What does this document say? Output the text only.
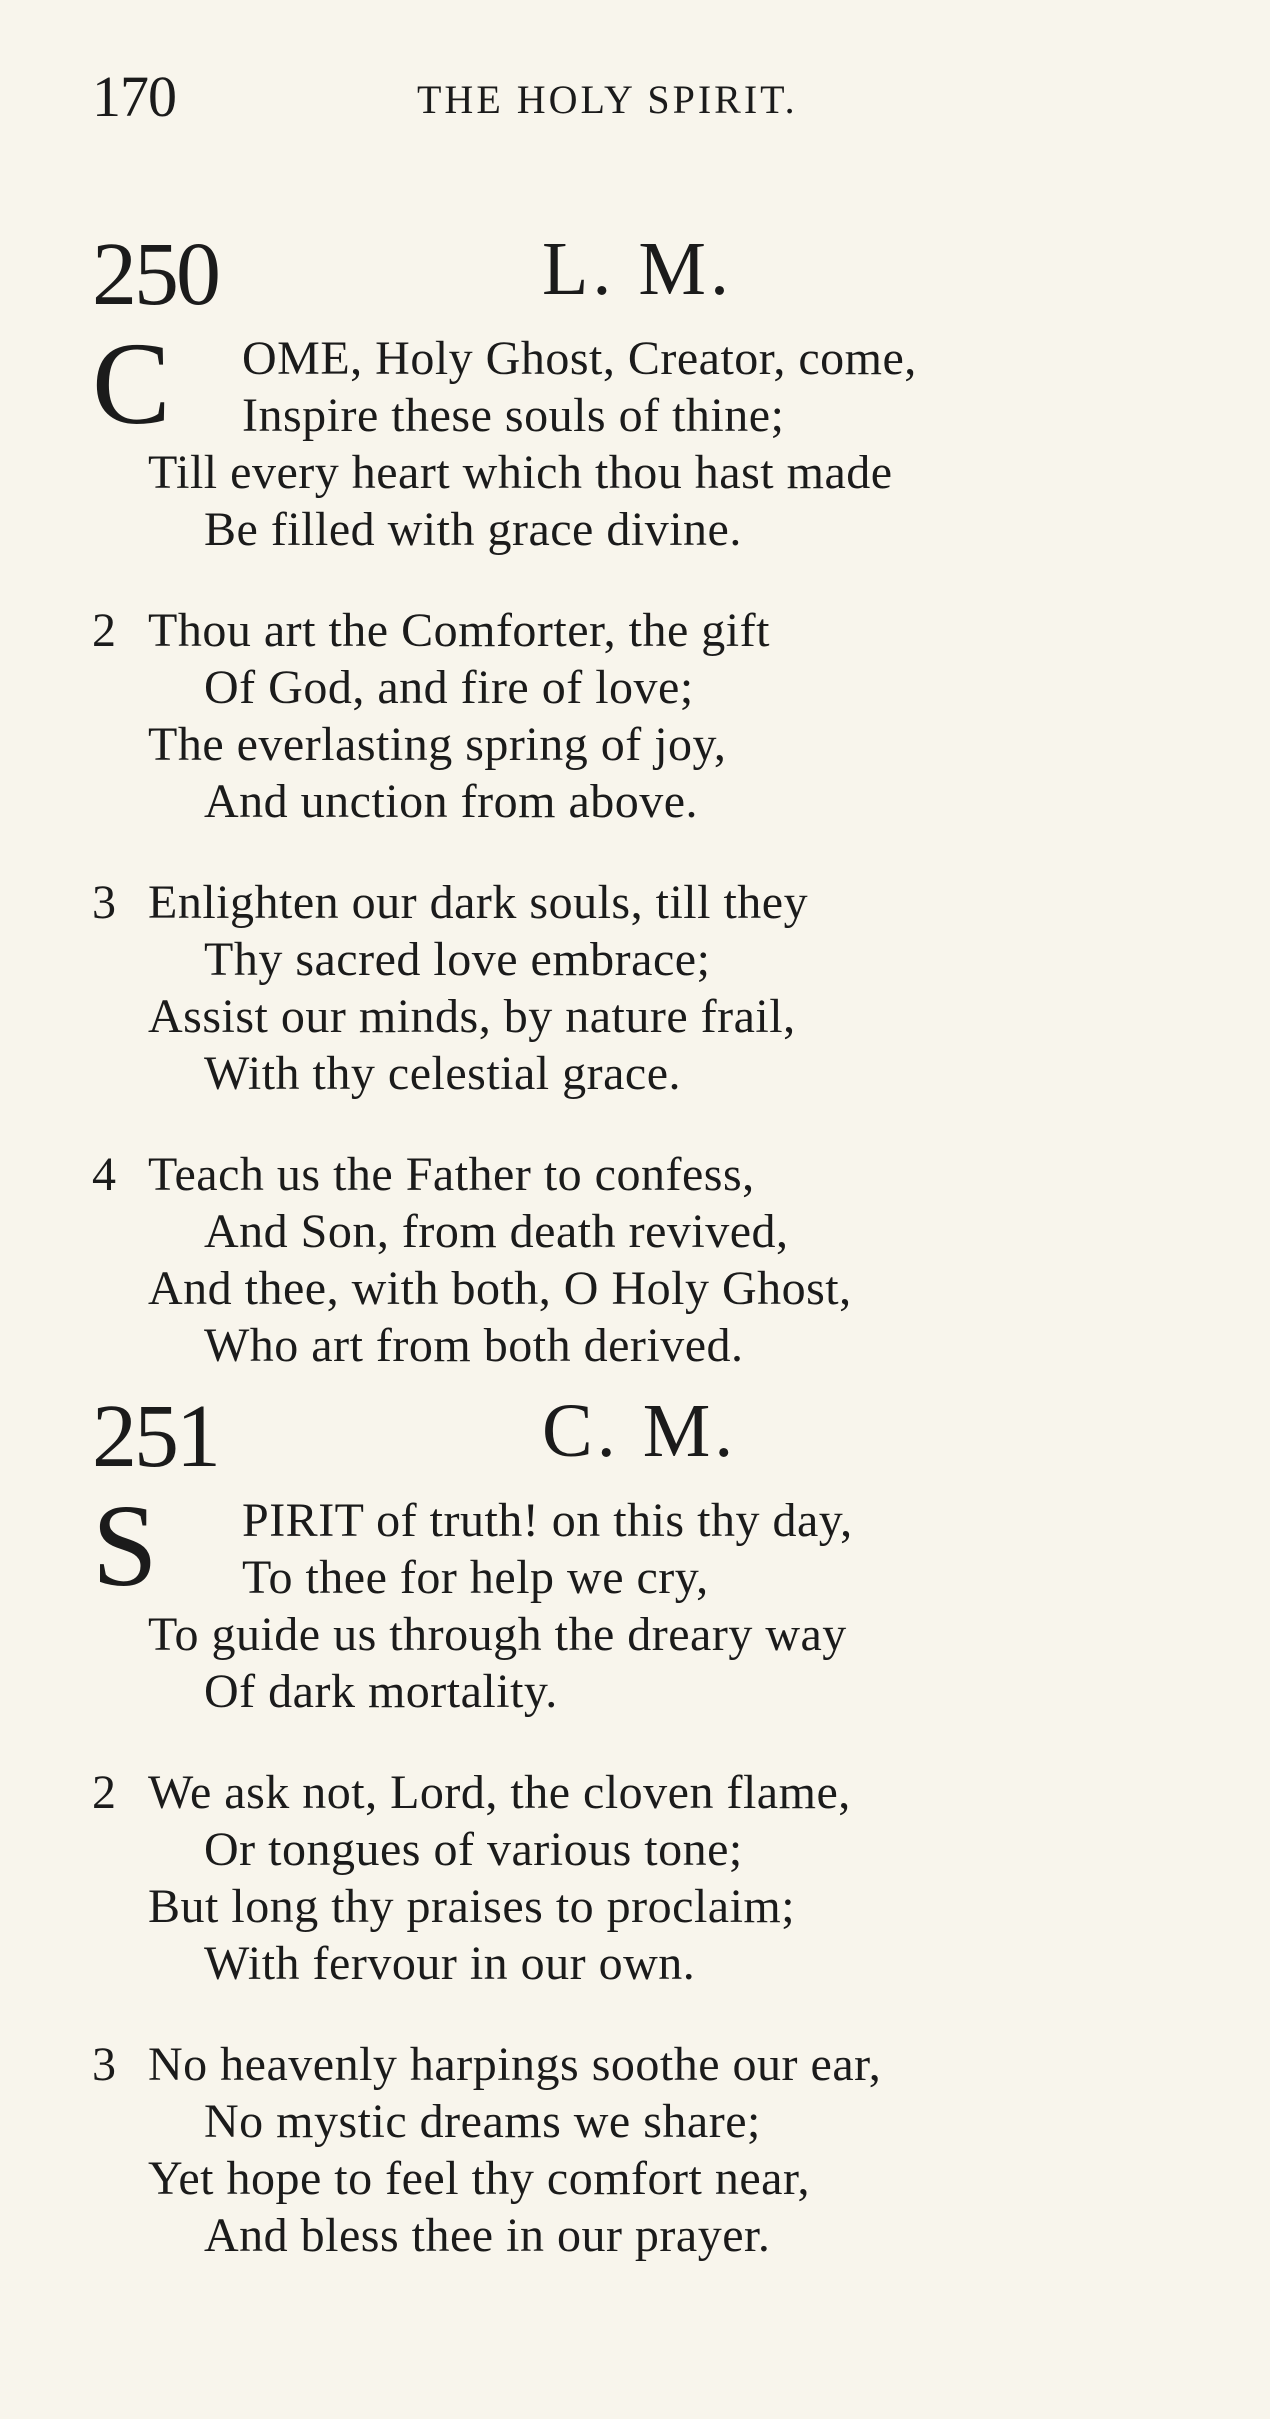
170	THE HOLY SPIRIT.
250	L. M.
C	OME, Holy Ghost, Creator, come,
Inspire these souls of thine;
Till every heart which thou hast made
Be filled with grace divine.
2 Thou art the Comforter, the gift
Of God, and fire of love;
The everlasting spring of joy,
And unction from above.
3 Enlighten our dark souls, till they
Thy sacred love embrace;
Assist our minds, by nature frail,
With thy celestial grace.
4 Teach us the Father to confess,
And Son, from death revived,
And thee, with both, O Holy Ghost,
Who art from both derived.
251	C. M.
S	PIRIT of truth! on this thy day,
To thee for help we cry,
To guide us through the dreary way
Of dark mortality.
2 We ask not, Lord, the cloven flame,
Or tongues of various tone;
But long thy praises to proclaim;
With fervour in our own.
3 No heavenly harpings soothe our ear,
No mystic dreams we share;
Yet hope to feel thy comfort near,
And bless thee in our prayer.
